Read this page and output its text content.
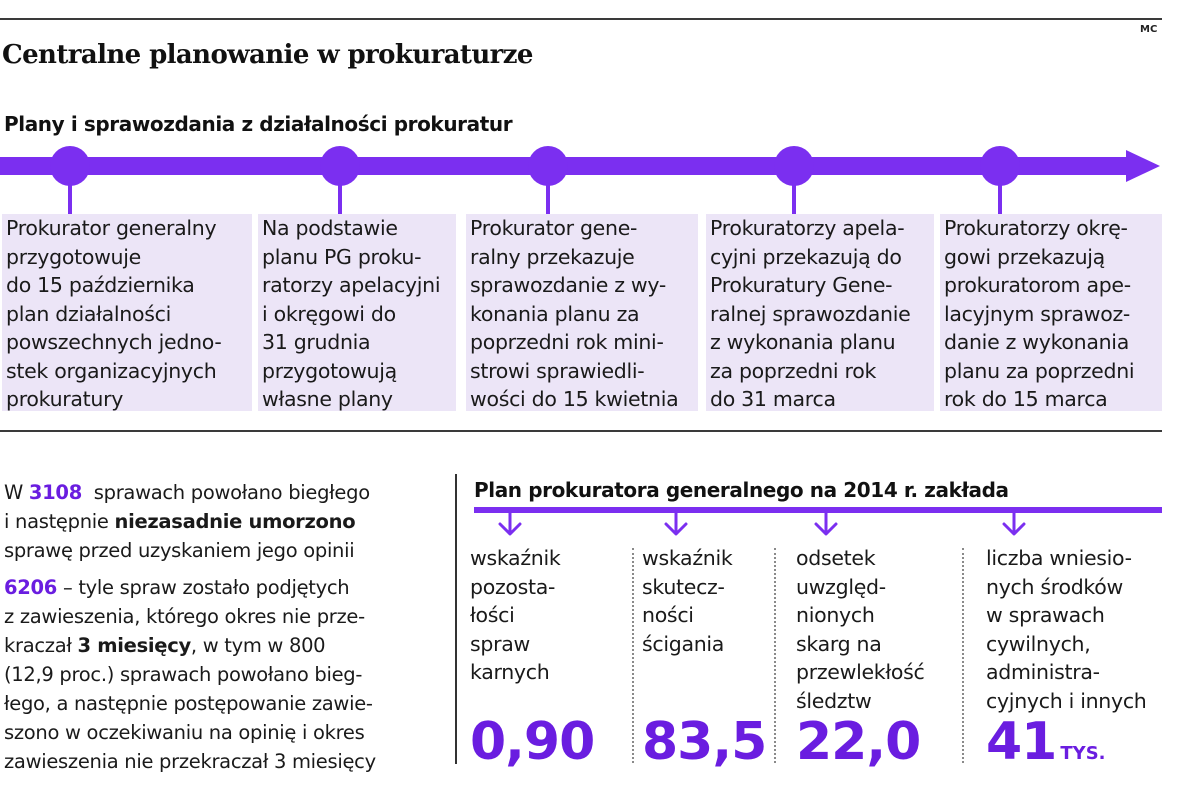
MC
Centralne planowanie w prokuraturze
Plany i sprawozdania z działalności prokuratur
Prokurator generalny
przygotowuje
do 15 października
plan działalności
powszechnych jedno-
stek organizacyjnych
prokuratury
Na podstawie
planu PG proku-
ratorzy apelacyjni
i okręgowi do
31 grudnia
przygotowują
własne plany
Prokurator gene-
ralny przekazuje
sprawozdanie z wy-
konania planu za
poprzedni rok mini-
strowi sprawiedli-
wości do 15 kwietnia
Prokuratorzy apela-
cyjni przekazują do
Prokuratury Gene-
ralnej sprawozdanie
z wykonania planu
za poprzedni rok
do 31 marca
Prokuratorzy okrę-
gowi przekazują
prokuratorom ape-
lacyjnym sprawoz-
danie z wykonania
planu za poprzedni
rok do 15 marca

W 3108  sprawach powołano biegłego
i następnie niezasadnie umorzono
sprawę przed uzyskaniem jego opinii

6206 – tyle spraw zostało podjętych
z zawieszenia, którego okres nie prze-
kraczał 3 miesięcy, w tym w 800
(12,9 proc.) sprawach powołano bieg-
łego, a następnie postępowanie zawie-
szono w oczekiwaniu na opinię i okres
zawieszenia nie przekraczał 3 miesięcy

Plan prokuratora generalnego na 2014 r. zakłada
wskaźnik
pozosta-
łości
spraw
karnych
wskaźnik
skutecz-
ności
ścigania
odsetek
uwzględ-
nionych
skarg na
przewlekłość
śledztw
liczba wniesio-
nych środków
w sprawach
cywilnych,
administra-
cyjnych i innych
0,90 83,5 22,0 41 TYS.
